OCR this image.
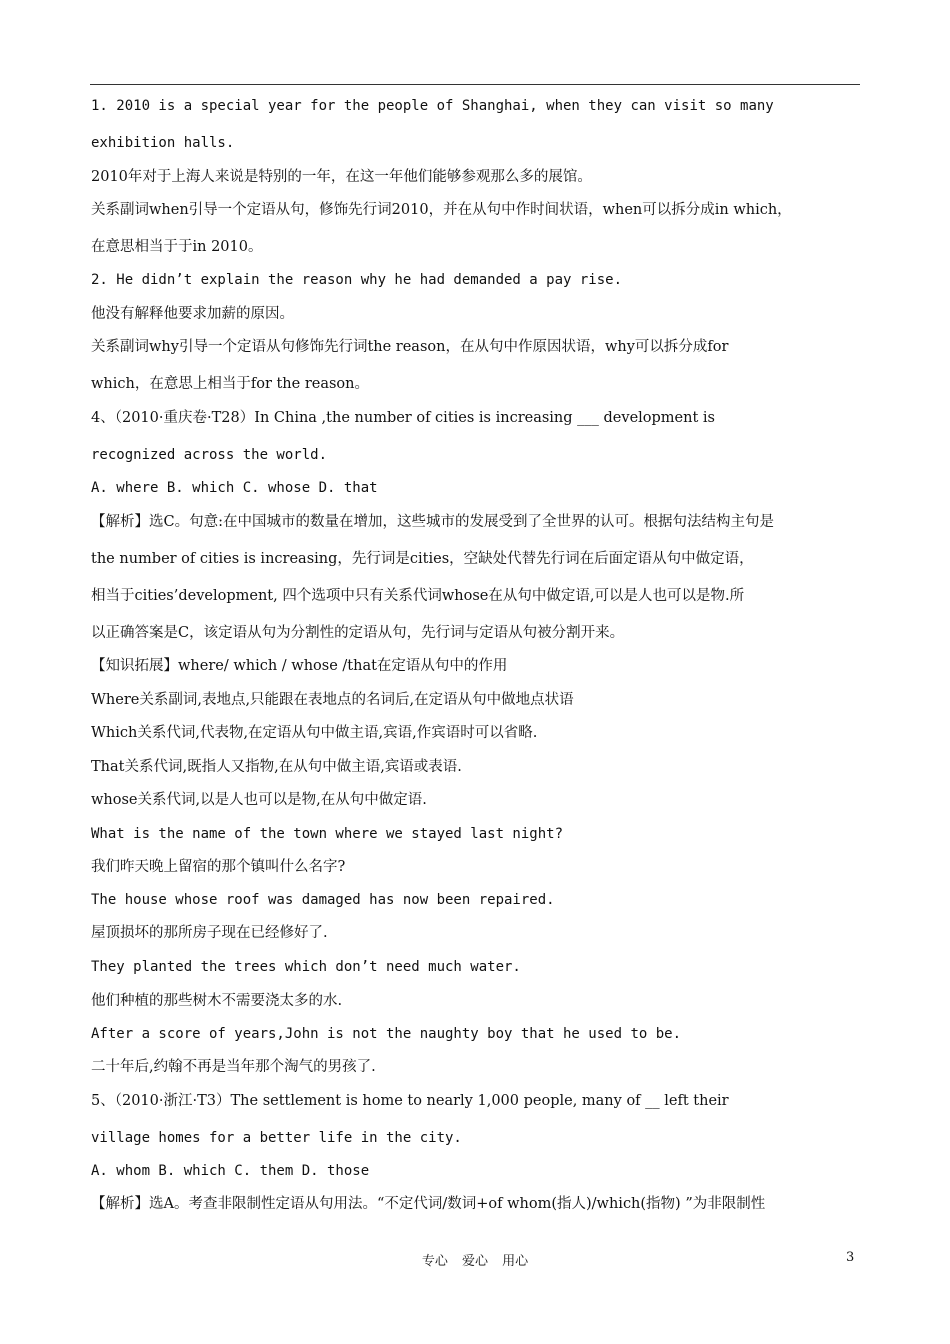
1. 2010 is a special year for the people of Shanghai, when they can visit so many
exhibition halls.
2010年对于上海人来说是特别的一年，在这一年他们能够参观那么多的展馆。
关系副词when引导一个定语从句，修饰先行词2010，并在从句中作时间状语，when可以拆分成in which，
在意思相当于于in 2010。
2. He didn’t explain the reason why he had demanded a pay rise.
他没有解释他要求加薪的原因。
关系副词why引导一个定语从句修饰先行词the reason，在从句中作原因状语，why可以拆分成for
which，在意思上相当于for the reason。
4、（2010·重庆卷·T28）In China ,the number of cities is increasing ___ development is
recognized across the world.
A. where B. which C. whose D. that
【解析】选C。句意:在中国城市的数量在增加，这些城市的发展受到了全世界的认可。根据句法结构主句是
the number of cities is increasing，先行词是cities，空缺处代替先行词在后面定语从句中做定语，
相当于cities’development, 四个选项中只有关系代词whose在从句中做定语,可以是人也可以是物.所
以正确答案是C，该定语从句为分割性的定语从句，先行词与定语从句被分割开来。
【知识拓展】where/ which / whose /that在定语从句中的作用
Where关系副词,表地点,只能跟在表地点的名词后,在定语从句中做地点状语
Which关系代词,代表物,在定语从句中做主语,宾语,作宾语时可以省略.
That关系代词,既指人又指物,在从句中做主语,宾语或表语.
whose关系代词,以是人也可以是物,在从句中做定语.
What is the name of the town where we stayed last night?
我们昨天晚上留宿的那个镇叫什么名字?
The house whose roof was damaged has now been repaired.
屋顶损坏的那所房子现在已经修好了.
They planted the trees which don’t need much water.
他们种植的那些树木不需要浇太多的水.
After a score of years,John is not the naughty boy that he used to be.
二十年后,约翰不再是当年那个淘气的男孩了.
5、（2010·浙江·T3）The settlement is home to nearly 1,000 people, many of __ left their
village homes for a better life in the city.
A. whom B. which C. them D. those
【解析】选A。考查非限制性定语从句用法。“不定代词/数词+of whom(指人)/which(指物) ”为非限制性
专心 爱心 用心	3
